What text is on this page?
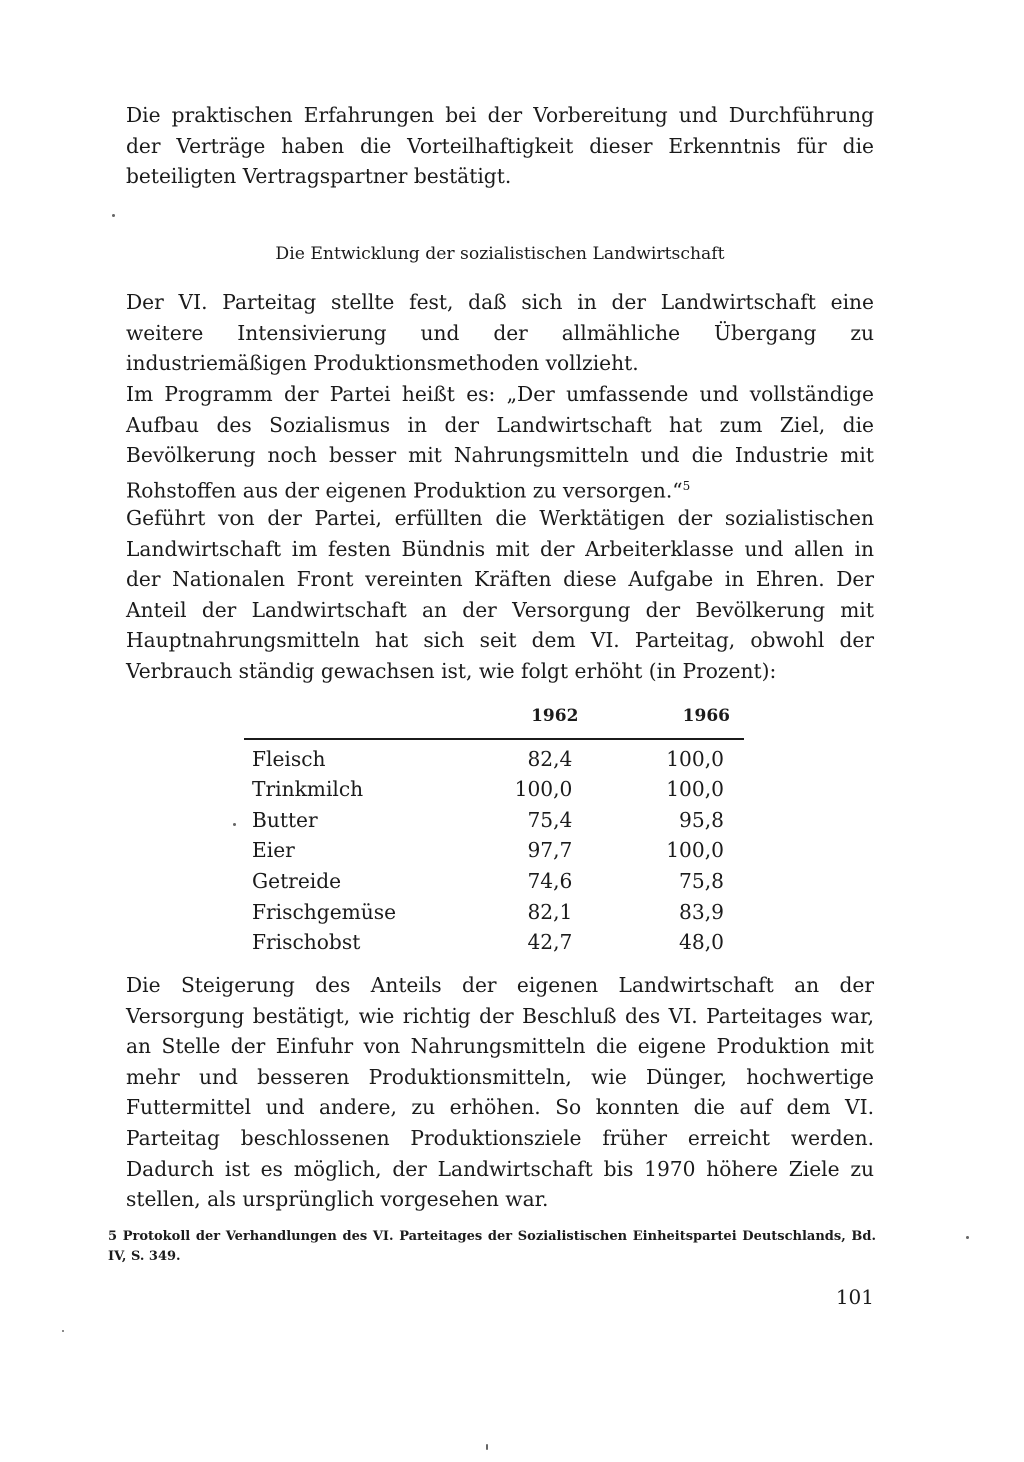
Die praktischen Erfahrungen bei der Vorbereitung und Durchführung der Verträge haben die Vorteilhaftigkeit dieser Erkenntnis für die beteiligten Vertragspartner bestätigt.

Die Entwicklung der sozialistischen Landwirtschaft

Der VI. Parteitag stellte fest, daß sich in der Landwirtschaft eine weitere Intensivierung und der allmähliche Übergang zu industriemäßigen Produktionsmethoden vollzieht.

Im Programm der Partei heißt es: „Der umfassende und vollständige Aufbau des Sozialismus in der Landwirtschaft hat zum Ziel, die Bevölkerung noch besser mit Nahrungsmitteln und die Industrie mit Rohstoffen aus der eigenen Produktion zu versorgen.“$^5$

Geführt von der Partei, erfüllten die Werktätigen der sozialistischen Landwirtschaft im festen Bündnis mit der Arbeiterklasse und allen in der Nationalen Front vereinten Kräften diese Aufgabe in Ehren. Der Anteil der Landwirtschaft an der Versorgung der Bevölkerung mit Hauptnahrungsmitteln hat sich seit dem VI. Parteitag, obwohl der Verbrauch ständig gewachsen ist, wie folgt erhöht (in Prozent):

	1962	1966
Fleisch	82,4	100,0
Trinkmilch	100,0	100,0
Butter	75,4	95,8
Eier	97,7	100,0
Getreide	74,6	75,8
Frischgemüse	82,1	83,9
Frischobst	42,7	48,0

Die Steigerung des Anteils der eigenen Landwirtschaft an der Versorgung bestätigt, wie richtig der Beschluß des VI. Parteitages war, an Stelle der Einfuhr von Nahrungsmitteln die eigene Produktion mit mehr und besseren Produktionsmitteln, wie Dünger, hochwertige Futtermittel und andere, zu erhöhen. So konnten die auf dem VI. Parteitag beschlossenen Produktionsziele früher erreicht werden. Dadurch ist es möglich, der Landwirtschaft bis 1970 höhere Ziele zu stellen, als ursprünglich vorgesehen war.

5 Protokoll der Verhandlungen des VI. Parteitages der Sozialistischen Einheitspartei Deutschlands, Bd. IV, S. 349.
101
